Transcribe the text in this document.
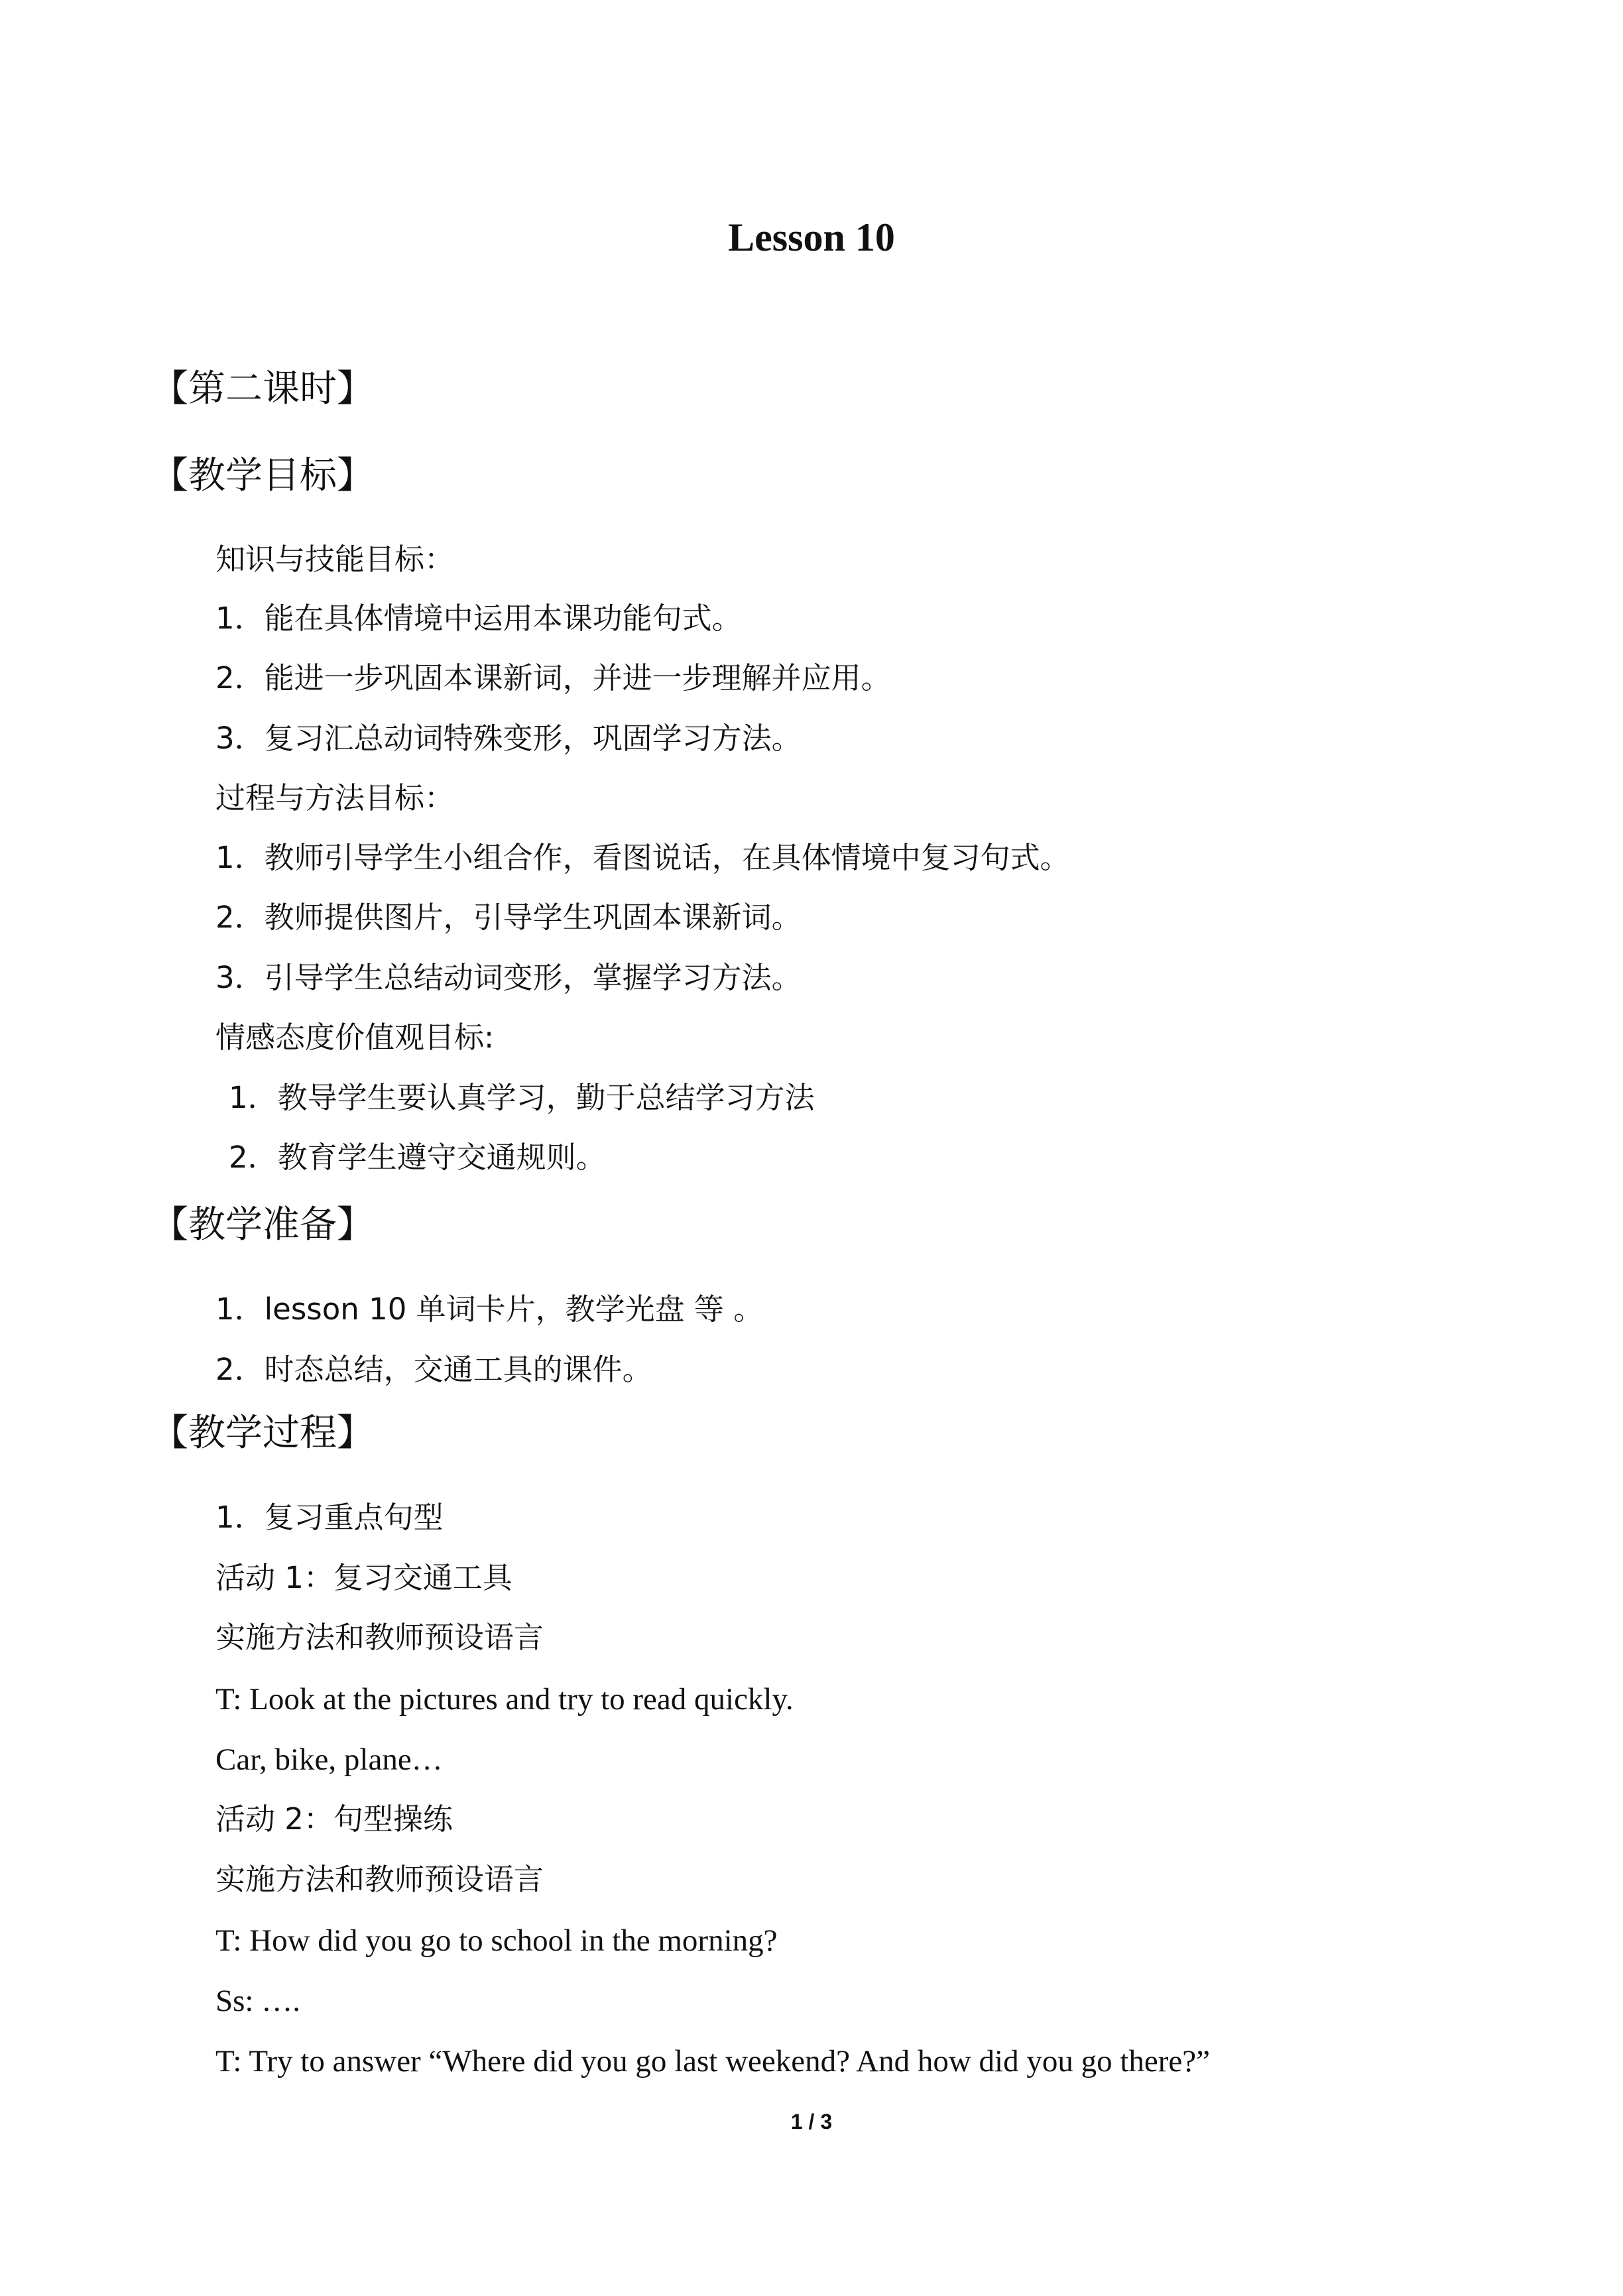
Lesson 10
【第二课时】
【教学目标】
知识与技能目标：
1．能在具体情境中运用本课功能句式。
2．能进一步巩固本课新词，并进一步理解并应用。
3．复习汇总动词特殊变形，巩固学习方法。
过程与方法目标：
1．教师引导学生小组合作，看图说话，在具体情境中复习句式。
2．教师提供图片，引导学生巩固本课新词。
3．引导学生总结动词变形，掌握学习方法。
情感态度价值观目标:
1．教导学生要认真学习，勤于总结学习方法
2．教育学生遵守交通规则。
【教学准备】
1．lesson 10 单词卡片，教学光盘 等 。
2．时态总结，交通工具的课件。
【教学过程】
1．复习重点句型
活动 1：复习交通工具
实施方法和教师预设语言
T: Look at the pictures and try to read quickly.
Car, bike, plane…
活动 2：句型操练
实施方法和教师预设语言
T: How did you go to school in the morning?
Ss: ….
T: Try to answer “Where did you go last weekend? And how did you go there?”
1 / 3
